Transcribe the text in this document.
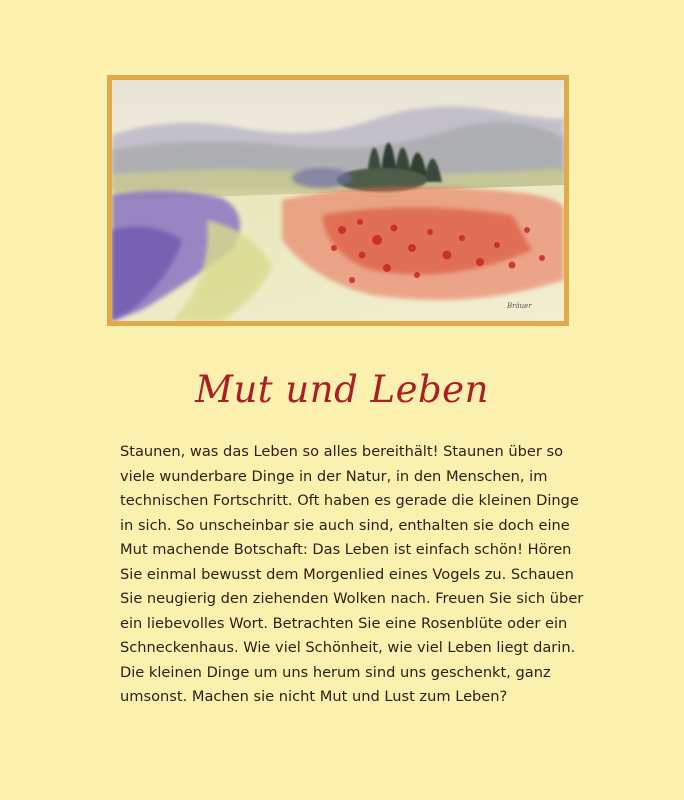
Bräuer
Mut und Leben

Staunen, was das Leben so alles bereithält! Staunen über so viele wunderbare Dinge in der Natur, in den Menschen, im technischen Fortschritt. Oft haben es gerade die kleinen Dinge in sich. So unscheinbar sie auch sind, enthalten sie doch eine Mut machende Botschaft: Das Leben ist einfach schön! Hören Sie einmal bewusst dem Morgenlied eines Vogels zu. Schauen Sie neugierig den ziehenden Wolken nach. Freuen Sie sich über ein liebevolles Wort. Betrachten Sie eine Rosenblüte oder ein Schneckenhaus. Wie viel Schönheit, wie viel Leben liegt darin. Die kleinen Dinge um uns herum sind uns geschenkt, ganz umsonst. Machen sie nicht Mut und Lust zum Leben?
